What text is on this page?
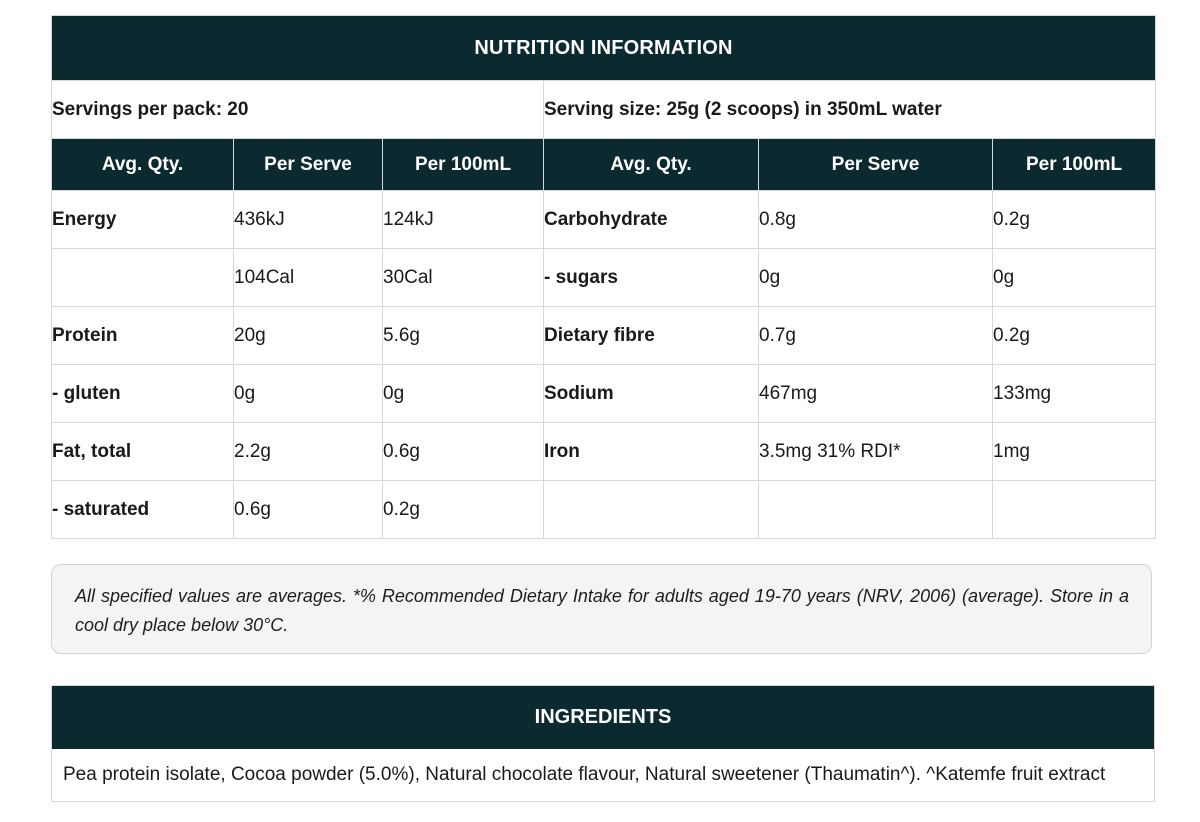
NUTRITION INFORMATION					
Servings per pack: 20			Serving size: 25g (2 scoops) in 350mL water		
Avg. Qty.	Per Serve	Per 100mL	Avg. Qty.	Per Serve	Per 100mL
Energy	436kJ	124kJ	Carbohydrate	0.8g	0.2g
	104Cal	30Cal	- sugars	0g	0g
Protein	20g	5.6g	Dietary fibre	0.7g	0.2g
- gluten	0g	0g	Sodium	467mg	133mg
Fat, total	2.2g	0.6g	Iron	3.5mg 31% RDI*	1mg
- saturated	0.6g	0.2g			
All specified values are averages. *% Recommended Dietary Intake for adults aged 19-70 years (NRV, 2006) (average). Store in a cool dry place below 30°C.
INGREDIENTS
Pea protein isolate, Cocoa powder (5.0%), Natural chocolate flavour, Natural sweetener (Thaumatin^). ^Katemfe fruit extract
